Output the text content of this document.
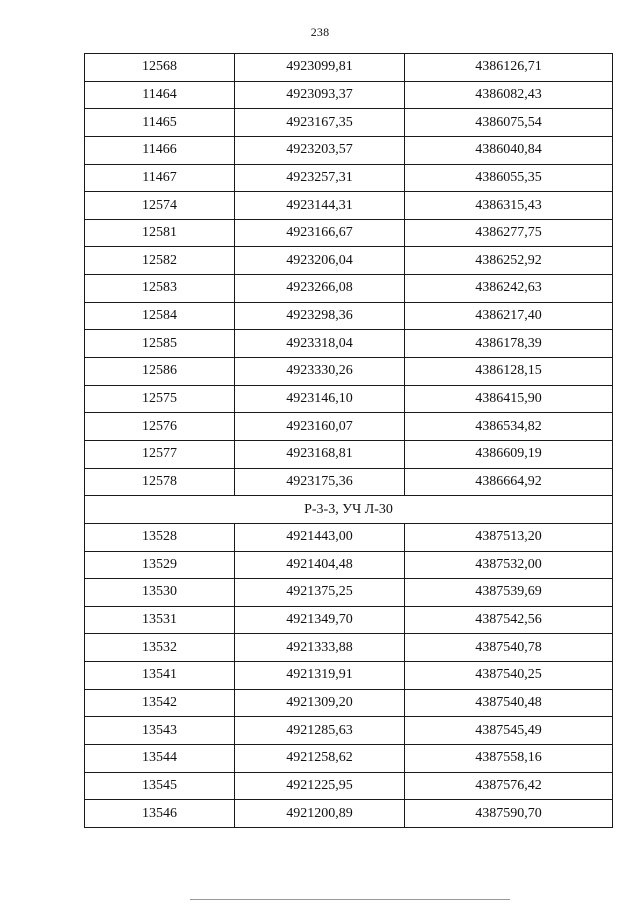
238
12568	4923099,81	4386126,71
11464	4923093,37	4386082,43
11465	4923167,35	4386075,54
11466	4923203,57	4386040,84
11467	4923257,31	4386055,35
12574	4923144,31	4386315,43
12581	4923166,67	4386277,75
12582	4923206,04	4386252,92
12583	4923266,08	4386242,63
12584	4923298,36	4386217,40
12585	4923318,04	4386178,39
12586	4923330,26	4386128,15
12575	4923146,10	4386415,90
12576	4923160,07	4386534,82
12577	4923168,81	4386609,19
12578	4923175,36	4386664,92
Р-3-3, УЧ Л-30		
13528	4921443,00	4387513,20
13529	4921404,48	4387532,00
13530	4921375,25	4387539,69
13531	4921349,70	4387542,56
13532	4921333,88	4387540,78
13541	4921319,91	4387540,25
13542	4921309,20	4387540,48
13543	4921285,63	4387545,49
13544	4921258,62	4387558,16
13545	4921225,95	4387576,42
13546	4921200,89	4387590,70
